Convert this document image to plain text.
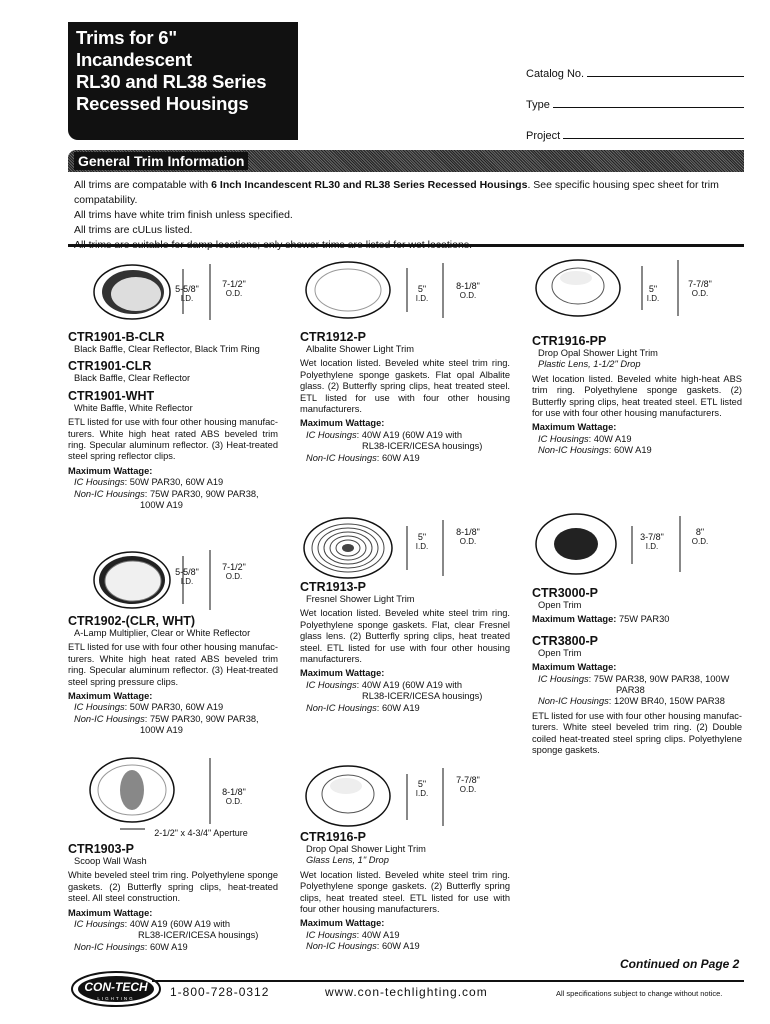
Trims for 6"
Incandescent
RL30 and RL38 Series
Recessed Housings
Catalog No.
Type
Project
General Trim Information
All trims are compatable with 6 Inch Incandescent RL30 and RL38 Series Recessed Housings. See specific housing spec sheet for trim compatability.
All trims have white trim finish unless specified.
All trims are cULus listed.
5-5/8"
I.D.
7-1/2"
O.D.
5-5/8"
I.D.
7-1/2"
O.D.
8-1/8"
O.D.
2-1/2" x 4-3/4" Aperture
5"
I.D.
8-1/8"
O.D.
5"
I.D.
8-1/8"
O.D.
5"
I.D.
7-7/8"
O.D.
5"
I.D.
7-7/8"
O.D.
3-7/8"
I.D.
8"
O.D.
CTR1901-B-CLR
Black Baffle, Clear Reflector, Black Trim Ring
CTR1901-CLR
Black Baffle, Clear Reflector
CTR1901-WHT
White Baffle, White Reflector
ETL listed for use with four other housing manufac-turers. White high heat rated ABS beveled trim ring. Specular aluminum reflector. (3) Heat-treated steel spring reflector clips.
Maximum Wattage:
IC Housings: 50W PAR30, 60W A19
Non-IC Housings: 75W PAR30, 90W PAR38,
100W A19
CTR1902-(CLR, WHT)
A-Lamp Multiplier, Clear or White Reflector
ETL listed for use with four other housing manufac-turers. White high heat rated ABS beveled trim ring. Specular aluminum reflector. (3) Heat-treated steel spring pressure clips.
Maximum Wattage:
IC Housings: 50W PAR30, 60W A19
Non-IC Housings: 75W PAR30, 90W PAR38,
100W A19
CTR1903-P
Scoop Wall Wash
White beveled steel trim ring. Polyethylene sponge gaskets. (2) Butterfly spring clips, heat-treated steel. All steel construction.
Maximum Wattage:
IC Housings: 40W A19 (60W A19 with
RL38-ICER/ICESA housings)
Non-IC Housings: 60W A19
CTR1912-P
Albalite Shower Light Trim
Wet location listed. Beveled white steel trim ring. Polyethylene sponge gaskets. Flat opal Albalite glass. (2) Butterfly spring clips, heat treated steel. ETL listed for use with four other housing manufacturers.
Maximum Wattage:
IC Housings: 40W A19 (60W A19 with
RL38-ICER/ICESA housings)
Non-IC Housings: 60W A19
CTR1913-P
Fresnel Shower Light Trim
Wet location listed. Beveled white steel trim ring. Polyethylene sponge gaskets. Flat, clear Fresnel glass lens. (2) Butterfly spring clips, heat treated steel. ETL listed for use with four other housing manufacturers.
Maximum Wattage:
IC Housings: 40W A19 (60W A19 with
RL38-ICER/ICESA housings)
Non-IC Housings: 60W A19
CTR1916-P
Drop Opal Shower Light Trim
Glass Lens, 1" Drop
Wet location listed. Beveled white steel trim ring. Polyethylene sponge gaskets. (2) Butterfly spring clips, heat treated steel. ETL listed for use with four other housing manufacturers.
Maximum Wattage:
IC Housings: 40W A19
Non-IC Housings: 60W A19
CTR1916-PP
Drop Opal Shower Light Trim
Plastic Lens, 1-1/2" Drop
Wet location listed. Beveled white high-heat ABS trim ring. Polyethylene sponge gaskets. (2) Butterfly spring clips, heat treated steel. ETL listed for use with four other housing manufacturers.
Maximum Wattage:
IC Housings: 40W A19
Non-IC Housings: 60W A19
CTR3000-P
Open Trim
Maximum Wattage: 75W PAR30
CTR3800-P
Open Trim
Maximum Wattage:
IC Housings: 75W PAR38, 90W PAR38, 100W
PAR38
Non-IC Housings: 120W BR40, 150W PAR38
ETL listed for use with four other housing manufac-turers. White steel beveled trim ring. (2) Double coiled heat-treated steel spring clips. Polyethylene sponge gaskets.
Continued on Page 2
CON-TECH
LIGHTING	1-800-728-0312	www.con-techlighting.com	All specifications subject to change without notice.
